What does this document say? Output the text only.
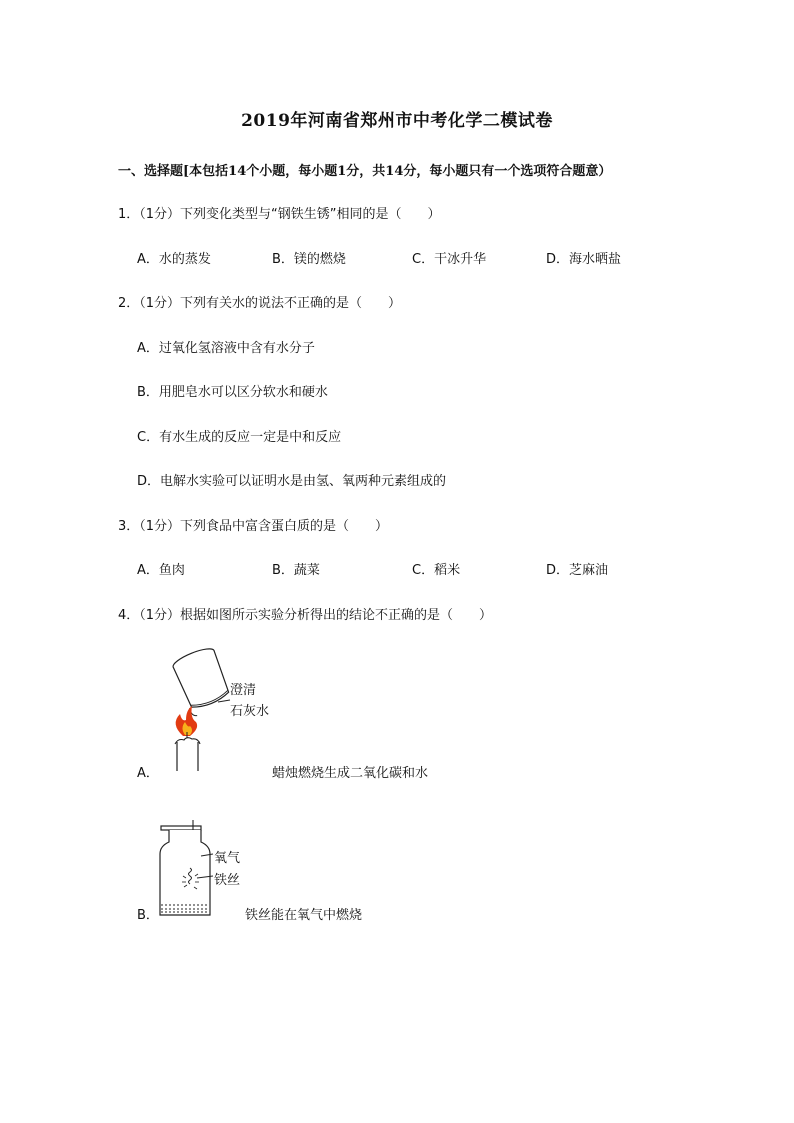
2019年河南省郑州市中考化学二模试卷
一、选择题[本包括14个小题，每小题1分，共14分，每小题只有一个选项符合题意）
1．（1分）下列变化类型与“钢铁生锈”相同的是（　　）
A．水的蒸发	B．镁的燃烧	C．干冰升华	D．海水晒盐
2．（1分）下列有关水的说法不正确的是（　　）
A．过氧化氢溶液中含有水分子
B．用肥皂水可以区分软水和硬水
C．有水生成的反应一定是中和反应
D．电解水实验可以证明水是由氢、氧两种元素组成的
3．（1分）下列食品中富含蛋白质的是（　　）
A．鱼肉	B．蔬菜	C．稻米	D．芝麻油
4．（1分）根据如图所示实验分析得出的结论不正确的是（　　）
澄清
石灰水
A．	蜡烛燃烧生成二氧化碳和水
氧气
铁丝
B．	铁丝能在氧气中燃烧
